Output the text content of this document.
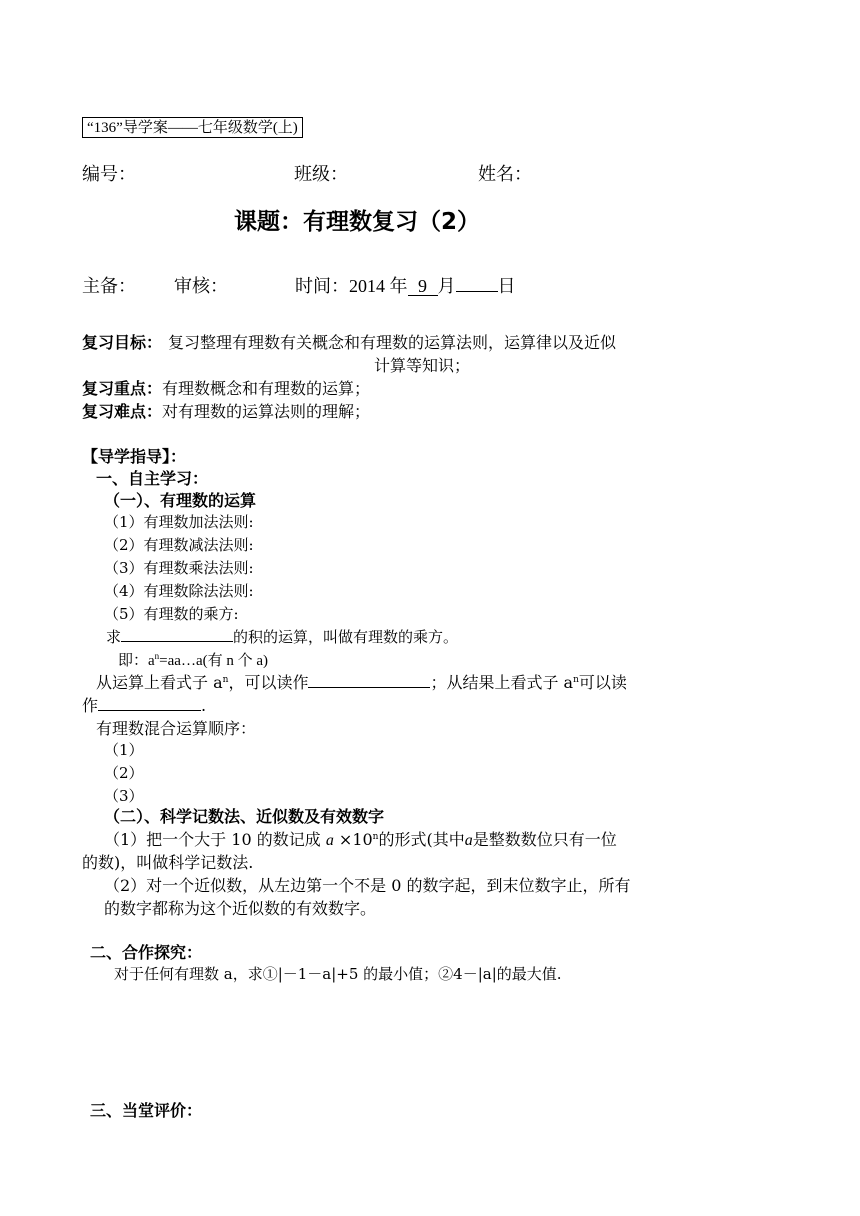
“136”导学案——七年级数学(上)
编号：	班级：	姓名：
课题：有理数复习（2）
主备： 审核：	时间：2014 年 9 月 日
复习目标： 复习整理有理数有关概念和有理数的运算法则，运算律以及近似
计算等知识；
复习重点：有理数概念和有理数的运算；
复习难点：对有理数的运算法则的理解；
【导学指导】：
一、自主学习：
（一）、有理数的运算
（1）有理数加法法则:
（2）有理数减法法则:
（3）有理数乘法法则:
（4）有理数除法法则:
（5）有理数的乘方:
求	的积的运算，叫做有理数的乘方。
即：$a^n=aa\dots a$(有 n 个 a)
从运算上看式子 $a^n$，可以读作	；从结果上看式子 $a^n$可以读
作	.
有理数混合运算顺序：
（1）
（2）
（3）
（二）、科学记数法、近似数及有效数字
（1）把一个大于 10 的数记成 $a \times 10^n$的形式(其中a是整数数位只有一位
的数)，叫做科学记数法.
（2）对一个近似数，从左边第一个不是 0 的数字起，到末位数字止，所有
的数字都称为这个近似数的有效数字。
二、合作探究：
对于任何有理数 a，求①|－1－a|+5 的最小值；②4－|a|的最大值.
三、当堂评价：
